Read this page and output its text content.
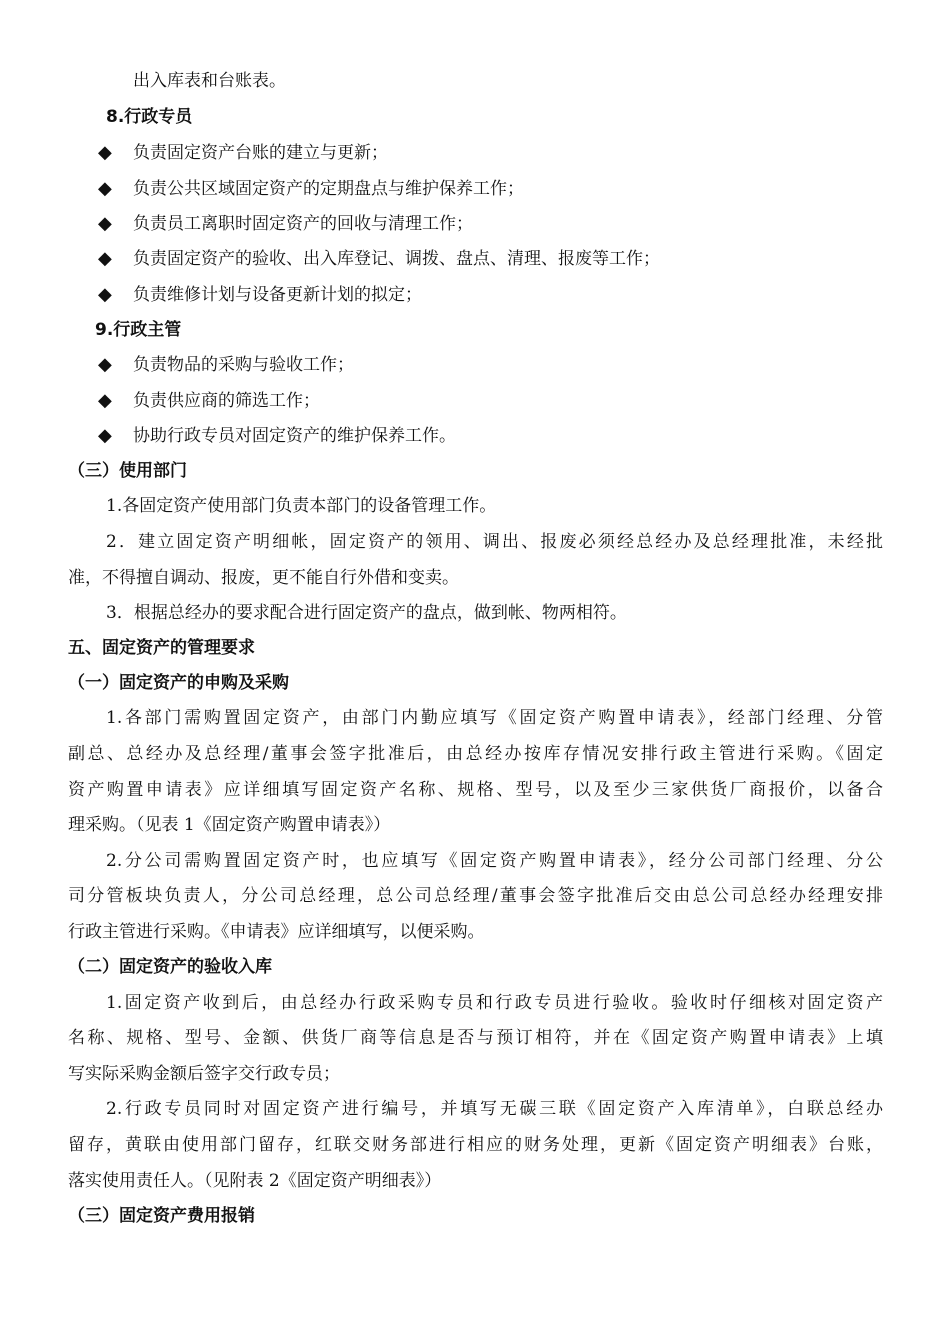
出入库表和台账表。
8.行政专员
◆ 负责固定资产台账的建立与更新；
◆ 负责公共区域固定资产的定期盘点与维护保养工作；
◆ 负责员工离职时固定资产的回收与清理工作；
◆ 负责固定资产的验收、出入库登记、调拨、盘点、清理、报废等工作；
◆ 负责维修计划与设备更新计划的拟定；
9.行政主管
◆ 负责物品的采购与验收工作；
◆ 负责供应商的筛选工作；
◆ 协助行政专员对固定资产的维护保养工作。
（三）使用部门
1.各固定资产使用部门负责本部门的设备管理工作。
2．建立固定资产明细帐，固定资产的领用、调出、报废必须经总经办及总经理批准，未经批
准，不得擅自调动、报废，更不能自行外借和变卖。
3．根据总经办的要求配合进行固定资产的盘点，做到帐、物两相符。
五、固定资产的管理要求
（一）固定资产的申购及采购
1.各部门需购置固定资产，由部门内勤应填写《固定资产购置申请表》，经部门经理、分管
副总、总经办及总经理/董事会签字批准后，由总经办按库存情况安排行政主管进行采购。《固定
资产购置申请表》应详细填写固定资产名称、规格、型号，以及至少三家供货厂商报价，以备合
理采购。（见表 1《固定资产购置申请表》）
2.分公司需购置固定资产时，也应填写《固定资产购置申请表》，经分公司部门经理、分公
司分管板块负责人，分公司总经理，总公司总经理/董事会签字批准后交由总公司总经办经理安排
行政主管进行采购。《申请表》应详细填写，以便采购。
（二）固定资产的验收入库
1.固定资产收到后，由总经办行政采购专员和行政专员进行验收。验收时仔细核对固定资产
名称、规格、型号、金额、供货厂商等信息是否与预订相符，并在《固定资产购置申请表》上填
写实际采购金额后签字交行政专员；
2.行政专员同时对固定资产进行编号，并填写无碳三联《固定资产入库清单》，白联总经办
留存，黄联由使用部门留存，红联交财务部进行相应的财务处理，更新《固定资产明细表》台账，
落实使用责任人。（见附表 2《固定资产明细表》）
（三）固定资产费用报销
